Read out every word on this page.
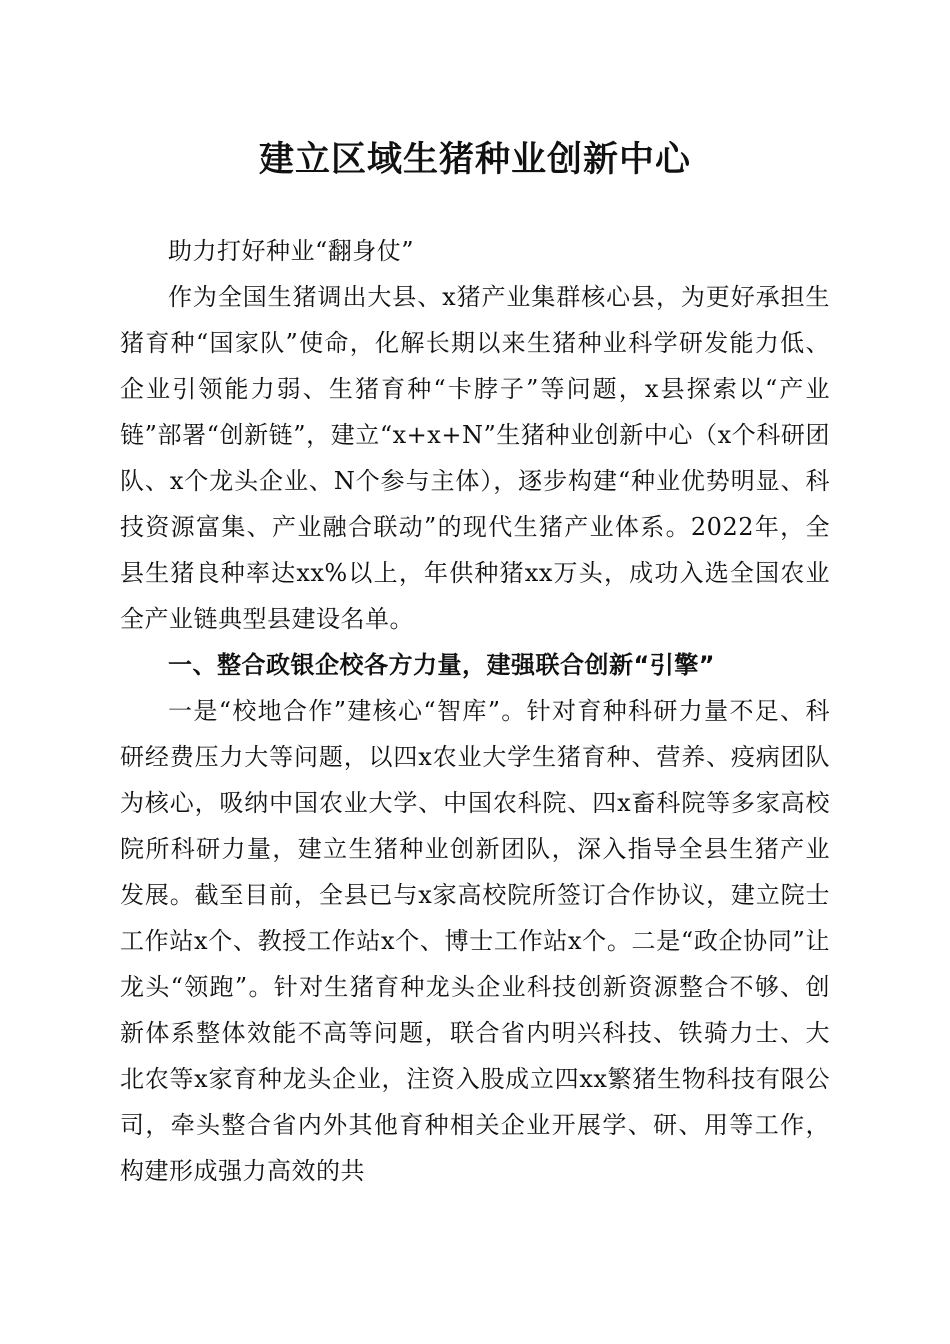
建立区域生猪种业创新中心

助力打好种业“翻身仗”

作为全国生猪调出大县、x猪产业集群核心县，为更好承担生猪育种“国家队”使命，化解长期以来生猪种业科学研发能力低、企业引领能力弱、生猪育种“卡脖子”等问题，x县探索以“产业链”部署“创新链”，建立“x+x+N”生猪种业创新中心（x个科研团队、x个龙头企业、N个参与主体），逐步构建“种业优势明显、科技资源富集、产业融合联动”的现代生猪产业体系。2022年，全县生猪良种率达xx%以上，年供种猪xx万头，成功入选全国农业全产业链典型县建设名单。

一、整合政银企校各方力量，建强联合创新“引擎”

一是“校地合作”建核心“智库”。针对育种科研力量不足、科研经费压力大等问题，以四x农业大学生猪育种、营养、疫病团队为核心，吸纳中国农业大学、中国农科院、四x畜科院等多家高校院所科研力量，建立生猪种业创新团队，深入指导全县生猪产业发展。截至目前，全县已与x家高校院所签订合作协议，建立院士工作站x个、教授工作站x个、博士工作站x个。二是“政企协同”让龙头“领跑”。针对生猪育种龙头企业科技创新资源整合不够、创新体系整体效能不高等问题，联合省内明兴科技、铁骑力士、大北农等x家育种龙头企业，注资入股成立四xx繁猪生物科技有限公司，牵头整合省内外其他育种相关企业开展学、研、用等工作，构建形成强力高效的共
